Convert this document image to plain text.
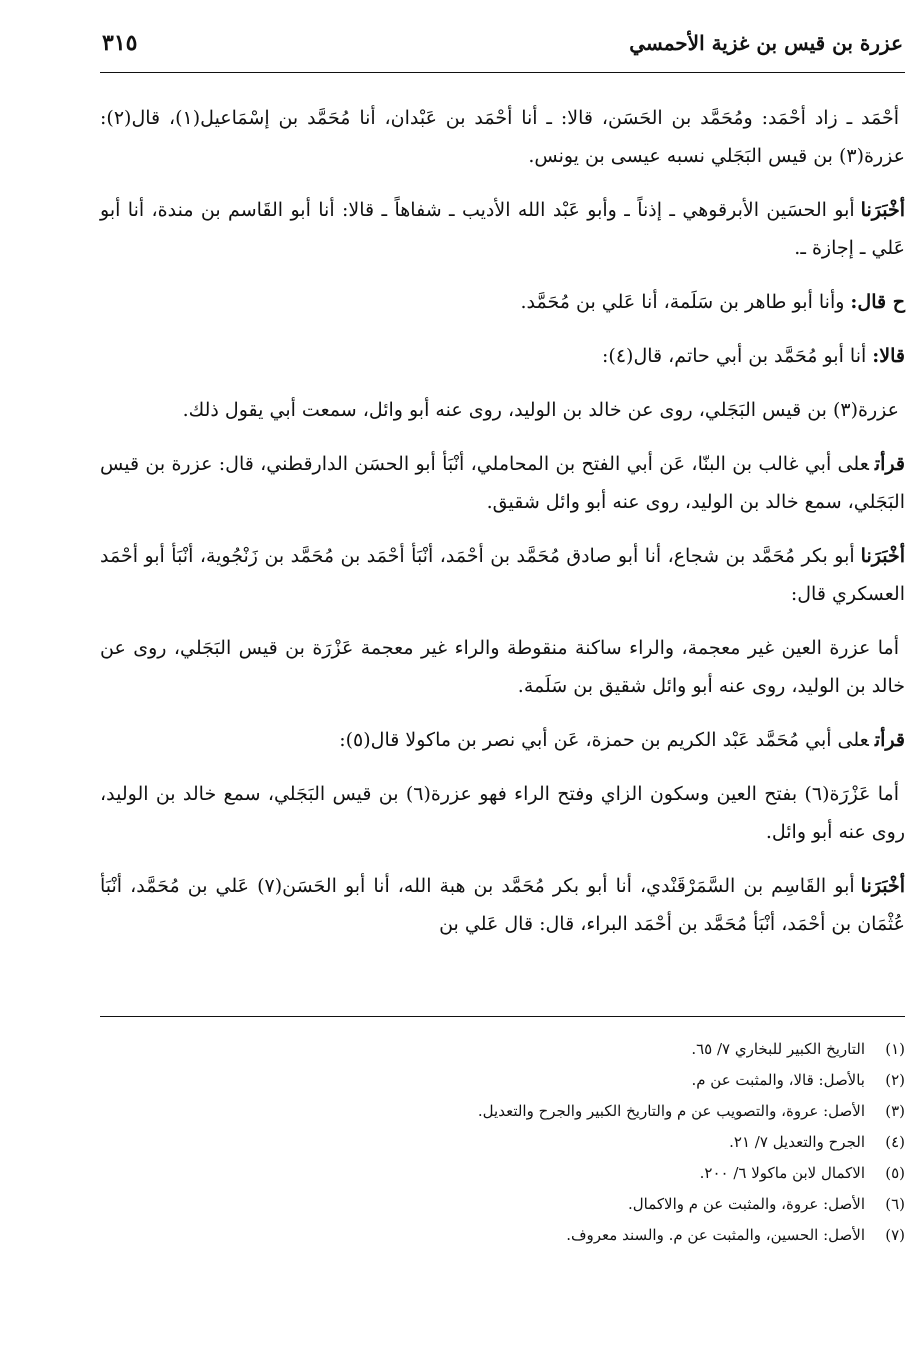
عزرة بن قيس بن غزية الأحمسي
٣١٥

أحْمَد ـ زاد أحْمَد: ومُحَمَّد بن الحَسَن، قالا: ـ أنا أحْمَد بن عَبْدان، أنا مُحَمَّد بن إسْمَاعيل(١)، قال(٢): عزرة(٣) بن قيس البَجَلي نسبه عيسى بن يونس.

أخْبَرَناأبو الحسَين الأبرقوهي ـ إذناً ـ وأبو عَبْد الله الأديب ـ شفاهاً ـ قالا: أنا أبو القَاسم بن مندة، أنا أبو عَلي ـ إجازة ـ.

ح قال:وأنا أبو طاهر بن سَلَمة، أنا عَلي بن مُحَمَّد.

قالا:أنا أبو مُحَمَّد بن أبي حاتم، قال(٤):

عزرة(٣) بن قيس البَجَلي، روى عن خالد بن الوليد، روى عنه أبو وائل، سمعت أبي يقول ذلك.

قرأتعلى أبي غالب بن البنّا، عَن أبي الفتح بن المحاملي، أنْبَأ أبو الحسَن الدارقطني، قال: عزرة بن قيس البَجَلي، سمع خالد بن الوليد، روى عنه أبو وائل شقيق.

أخْبَرَناأبو بكر مُحَمَّد بن شجاع، أنا أبو صادق مُحَمَّد بن أحْمَد، أنْبَأ أحْمَد بن مُحَمَّد بن زَنْجُوية، أنْبَأ أبو أحْمَد العسكري قال:

أما عزرة العين غير معجمة، والراء ساكنة منقوطة والراء غير معجمة عَزْرَة بن قيس البَجَلي، روى عن خالد بن الوليد، روى عنه أبو وائل شقيق بن سَلَمة.

قرأتعلى أبي مُحَمَّد عَبْد الكريم بن حمزة، عَن أبي نصر بن ماكولا قال(٥):

أما عَزْرَة(٦) بفتح العين وسكون الزاي وفتح الراء فهو عزرة(٦) بن قيس البَجَلي، سمع خالد بن الوليد، روى عنه أبو وائل.

أخْبَرَناأبو القَاسِم بن السَّمَرْقَنْدي، أنا أبو بكر مُحَمَّد بن هبة الله، أنا أبو الحَسَن(٧) عَلي بن مُحَمَّد، أنْبَأ عُثْمَان بن أحْمَد، أنْبَأ مُحَمَّد بن أحْمَد البراء، قال: قال عَلي بن

(١)
التاريخ الكبير للبخاري ٧/ ٦٥.
(٢)
بالأصل: قالا، والمثبت عن م.
(٣)
الأصل: عروة، والتصويب عن م والتاريخ الكبير والجرح والتعديل.
(٤)
الجرح والتعديل ٧/ ٢١.
(٥)
الاكمال لابن ماكولا ٦/ ٢٠٠.
(٦)
الأصل: عروة، والمثبت عن م والاكمال.
(٧)
الأصل: الحسين، والمثبت عن م. والسند معروف.
